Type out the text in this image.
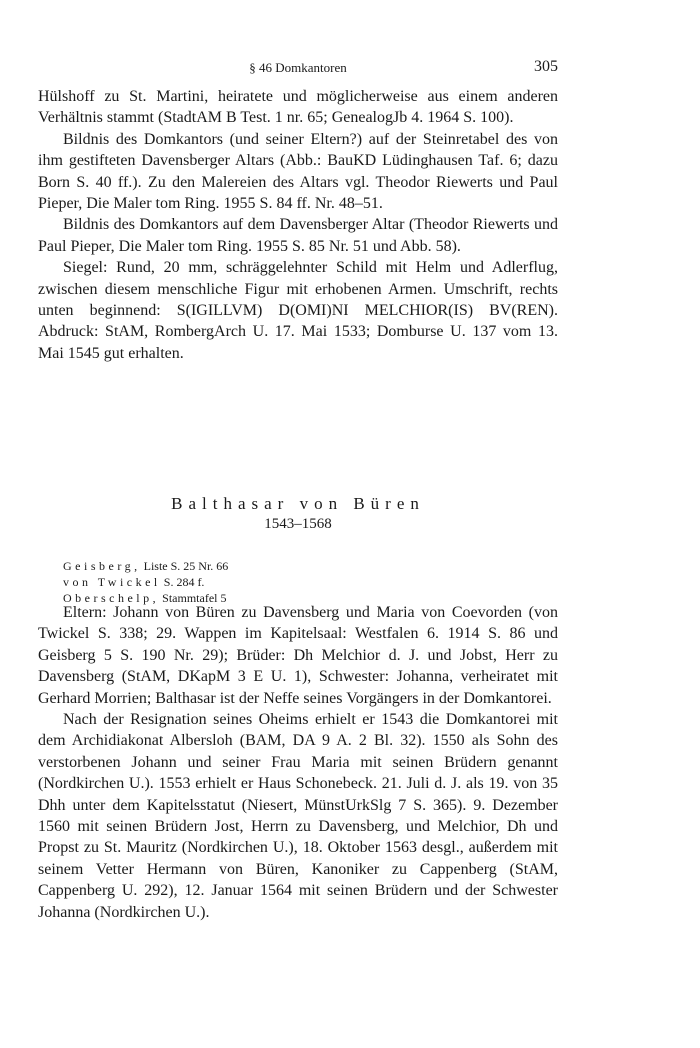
§ 46 Domkantoren	305

Hülshoff zu St. Martini, heiratete und möglicherweise aus einem anderen Verhältnis stammt (StadtAM B Test. 1 nr. 65; GenealogJb 4. 1964 S. 100).

Bildnis des Domkantors (und seiner Eltern?) auf der Steinretabel des von ihm gestifteten Davensberger Altars (Abb.: BauKD Lüdinghausen Taf. 6; dazu Born S. 40 ff.). Zu den Malereien des Altars vgl. Theodor Riewerts und Paul Pieper, Die Maler tom Ring. 1955 S. 84 ff. Nr. 48–51.

Bildnis des Domkantors auf dem Davensberger Altar (Theodor Riewerts und Paul Pieper, Die Maler tom Ring. 1955 S. 85 Nr. 51 und Abb. 58).

Siegel: Rund, 20 mm, schräggelehnter Schild mit Helm und Adlerflug, zwischen diesem menschliche Figur mit erhobenen Armen. Umschrift, rechts unten beginnend: S(IGILLVM) D(OMI)NI MELCHIOR(IS) BV(REN). Abdruck: StAM, RombergArch U. 17. Mai 1533; Domburse U. 137 vom 13. Mai 1545 gut erhalten.

Balthasar von Büren
1543–1568
Geisberg, Liste S. 25 Nr. 66
von Twickel S. 284 f.
Oberschelp, Stammtafel 5

Eltern: Johann von Büren zu Davensberg und Maria von Coevorden (von Twickel S. 338; 29. Wappen im Kapitelsaal: Westfalen 6. 1914 S. 86 und Geisberg 5 S. 190 Nr. 29); Brüder: Dh Melchior d. J. und Jobst, Herr zu Davensberg (StAM, DKapM 3 E U. 1), Schwester: Johanna, verheiratet mit Gerhard Morrien; Balthasar ist der Neffe seines Vorgängers in der Domkantorei.

Nach der Resignation seines Oheims erhielt er 1543 die Domkantorei mit dem Archidiakonat Albersloh (BAM, DA 9 A. 2 Bl. 32). 1550 als Sohn des verstorbenen Johann und seiner Frau Maria mit seinen Brüdern genannt (Nordkirchen U.). 1553 erhielt er Haus Schonebeck. 21. Juli d. J. als 19. von 35 Dhh unter dem Kapitelsstatut (Niesert, MünstUrkSlg 7 S. 365). 9. Dezember 1560 mit seinen Brüdern Jost, Herrn zu Davensberg, und Melchior, Dh und Propst zu St. Mauritz (Nordkirchen U.), 18. Oktober 1563 desgl., außerdem mit seinem Vetter Hermann von Büren, Kanoniker zu Cappenberg (StAM, Cappenberg U. 292), 12. Januar 1564 mit seinen Brüdern und der Schwester Johanna (Nordkirchen U.).
